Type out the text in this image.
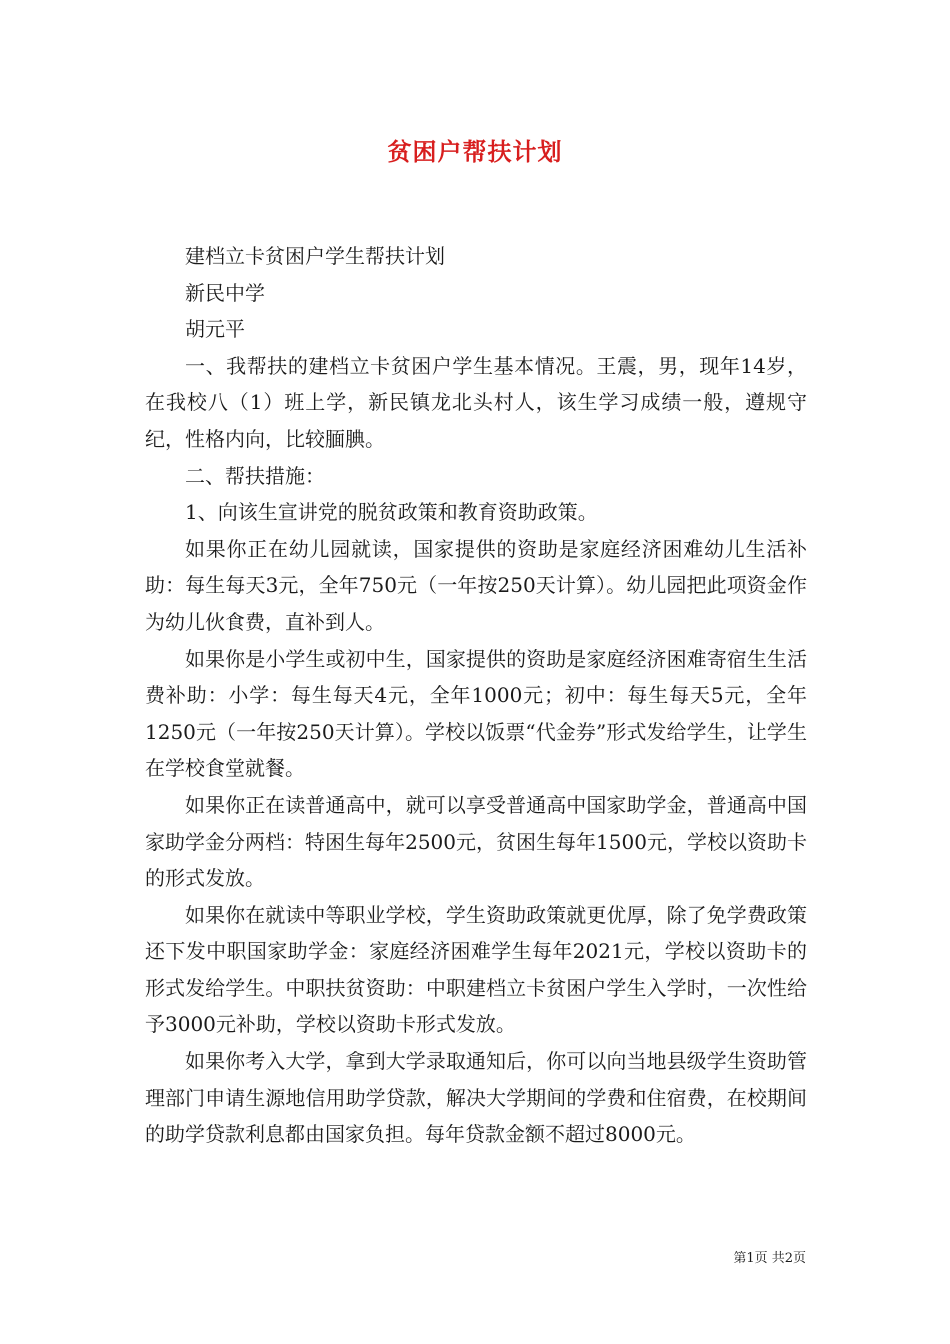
贫困户帮扶计划

建档立卡贫困户学生帮扶计划

新民中学

胡元平

一、我帮扶的建档立卡贫困户学生基本情况。王震，男，现年14岁，在我校八（1）班上学，新民镇龙北头村人，该生学习成绩一般，遵规守纪，性格内向，比较腼腆。

二、帮扶措施：

1、向该生宣讲党的脱贫政策和教育资助政策。

如果你正在幼儿园就读，国家提供的资助是家庭经济困难幼儿生活补助：每生每天3元，全年750元（一年按250天计算）。幼儿园把此项资金作为幼儿伙食费，直补到人。

如果你是小学生或初中生，国家提供的资助是家庭经济困难寄宿生生活费补助：小学：每生每天4元，全年1000元；初中：每生每天5元，全年1250元（一年按250天计算）。学校以饭票“代金券”形式发给学生，让学生在学校食堂就餐。

如果你正在读普通高中，就可以享受普通高中国家助学金，普通高中国家助学金分两档：特困生每年2500元，贫困生每年1500元，学校以资助卡的形式发放。

如果你在就读中等职业学校，学生资助政策就更优厚，除了免学费政策还下发中职国家助学金：家庭经济困难学生每年2021元，学校以资助卡的形式发给学生。中职扶贫资助：中职建档立卡贫困户学生入学时，一次性给予3000元补助，学校以资助卡形式发放。

如果你考入大学，拿到大学录取通知后，你可以向当地县级学生资助管理部门申请生源地信用助学贷款，解决大学期间的学费和住宿费，在校期间的助学贷款利息都由国家负担。每年贷款金额不超过8000元。

第1页 共2页
